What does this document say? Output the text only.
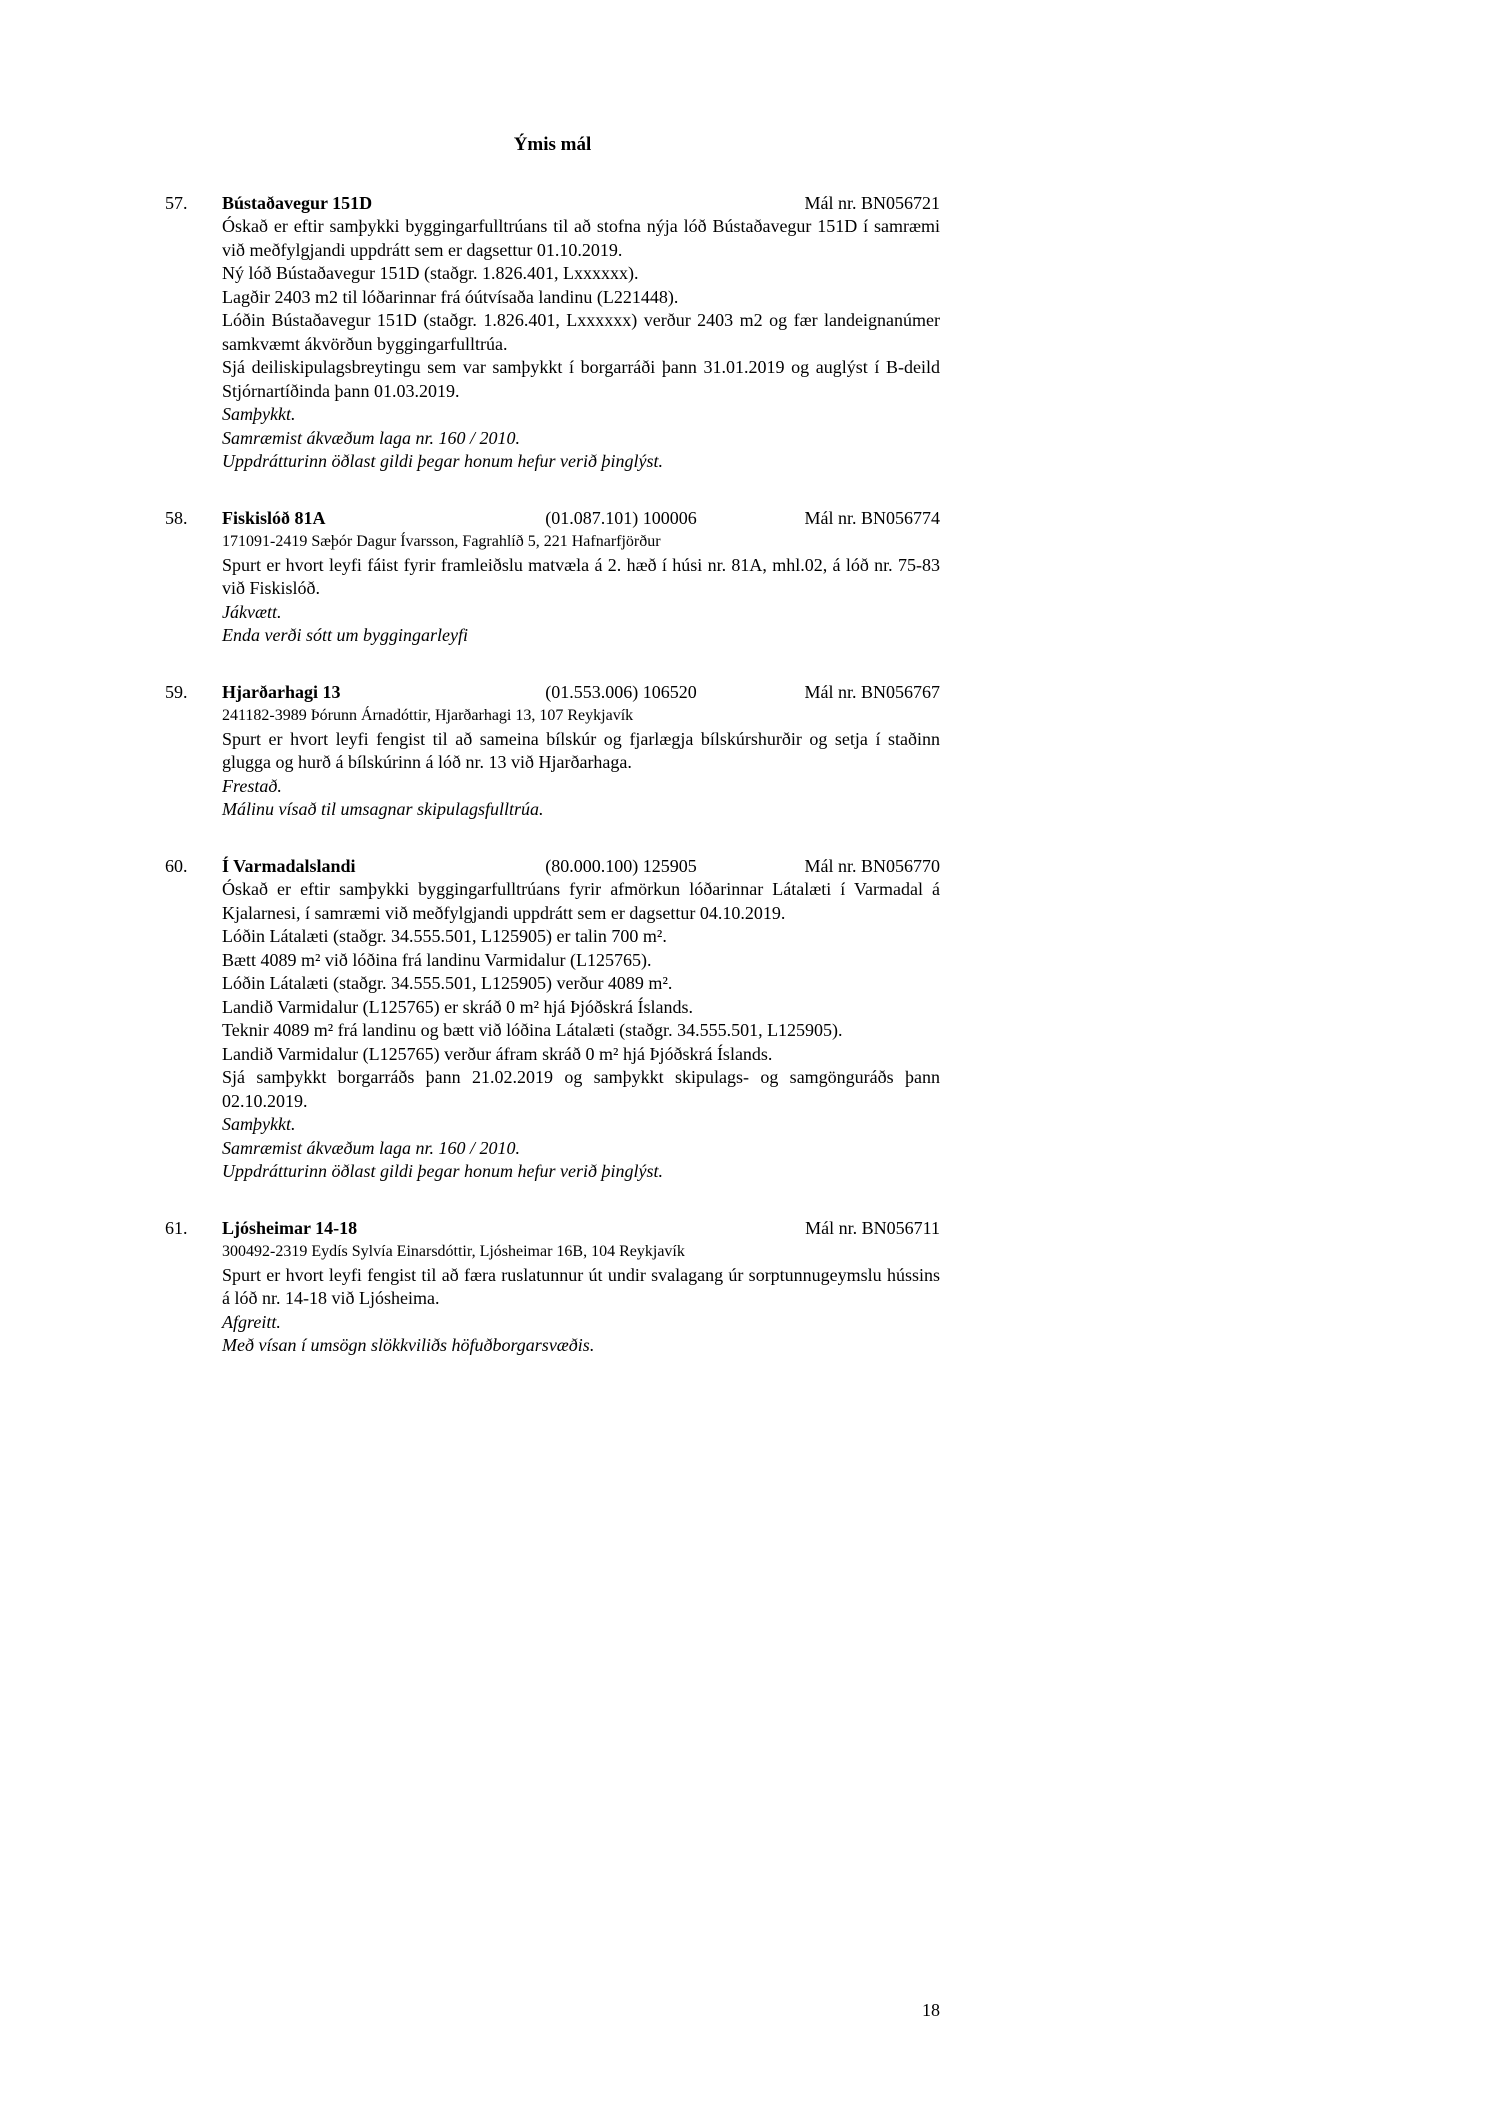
Ýmis mál
57.	Bústaðavegur 151D	Mál nr. BN056721
Óskað er eftir samþykki byggingarfulltrúans til að stofna nýja lóð Bústaðavegur 151D í samræmi við meðfylgjandi uppdrátt sem er dagsettur 01.10.2019.
Ný lóð Bústaðavegur 151D (staðgr. 1.826.401, Lxxxxxx).
Lagðir 2403 m2 til lóðarinnar frá óútvísaða landinu (L221448).
Lóðin Bústaðavegur 151D (staðgr. 1.826.401, Lxxxxxx) verður 2403 m2 og fær landeignanúmer samkvæmt ákvörðun byggingarfulltrúa.
Sjá deiliskipulagsbreytingu sem var samþykkt í borgarráði þann 31.01.2019 og auglýst í B-deild Stjórnartíðinda þann 01.03.2019.
Samþykkt.
Samræmist ákvæðum laga nr. 160 / 2010.
Uppdrátturinn öðlast gildi þegar honum hefur verið þinglýst.
58.	Fiskislóð 81A	(01.087.101) 100006	Mál nr. BN056774
171091-2419 Sæþór Dagur Ívarsson, Fagrahlíð 5, 221 Hafnarfjörður
Spurt er hvort leyfi fáist fyrir framleiðslu matvæla á 2. hæð í húsi nr. 81A, mhl.02, á lóð nr. 75-83 við Fiskislóð.
Jákvætt.
Enda verði sótt um byggingarleyfi
59.	Hjarðarhagi 13	(01.553.006) 106520	Mál nr. BN056767
241182-3989 Þórunn Árnadóttir, Hjarðarhagi 13, 107 Reykjavík
Spurt er hvort leyfi fengist til að sameina bílskúr og fjarlægja bílskúrshurðir og setja í staðinn glugga og hurð á bílskúrinn á lóð nr. 13 við Hjarðarhaga.
Frestað.
Málinu vísað til umsagnar skipulagsfulltrúa.
60.	Í Varmadalslandi	(80.000.100) 125905	Mál nr. BN056770
Óskað er eftir samþykki byggingarfulltrúans fyrir afmörkun lóðarinnar Látalæti í Varmadal á Kjalarnesi, í samræmi við meðfylgjandi uppdrátt sem er dagsettur 04.10.2019.
Lóðin Látalæti (staðgr. 34.555.501, L125905) er talin 700 m².
Bætt 4089 m² við lóðina frá landinu Varmidalur (L125765).
Lóðin Látalæti (staðgr. 34.555.501, L125905) verður 4089 m².
Landið Varmidalur (L125765) er skráð 0 m² hjá Þjóðskrá Íslands.
Teknir 4089 m² frá landinu og bætt við lóðina Látalæti (staðgr. 34.555.501, L125905).
Landið Varmidalur (L125765) verður áfram skráð 0 m² hjá Þjóðskrá Íslands.
Sjá samþykkt borgarráðs þann 21.02.2019 og samþykkt skipulags- og samgönguráðs þann 02.10.2019.
Samþykkt.
Samræmist ákvæðum laga nr. 160 / 2010.
Uppdrátturinn öðlast gildi þegar honum hefur verið þinglýst.
61.	Ljósheimar 14-18	Mál nr. BN056711
300492-2319 Eydís Sylvía Einarsdóttir, Ljósheimar 16B, 104 Reykjavík
Spurt er hvort leyfi fengist til að færa ruslatunnur út undir svalagang úr sorptunnugeymslu hússins á lóð nr. 14-18 við Ljósheima.
Afgreitt.
Með vísan í umsögn slökkviliðs höfuðborgarsvæðis.
18
